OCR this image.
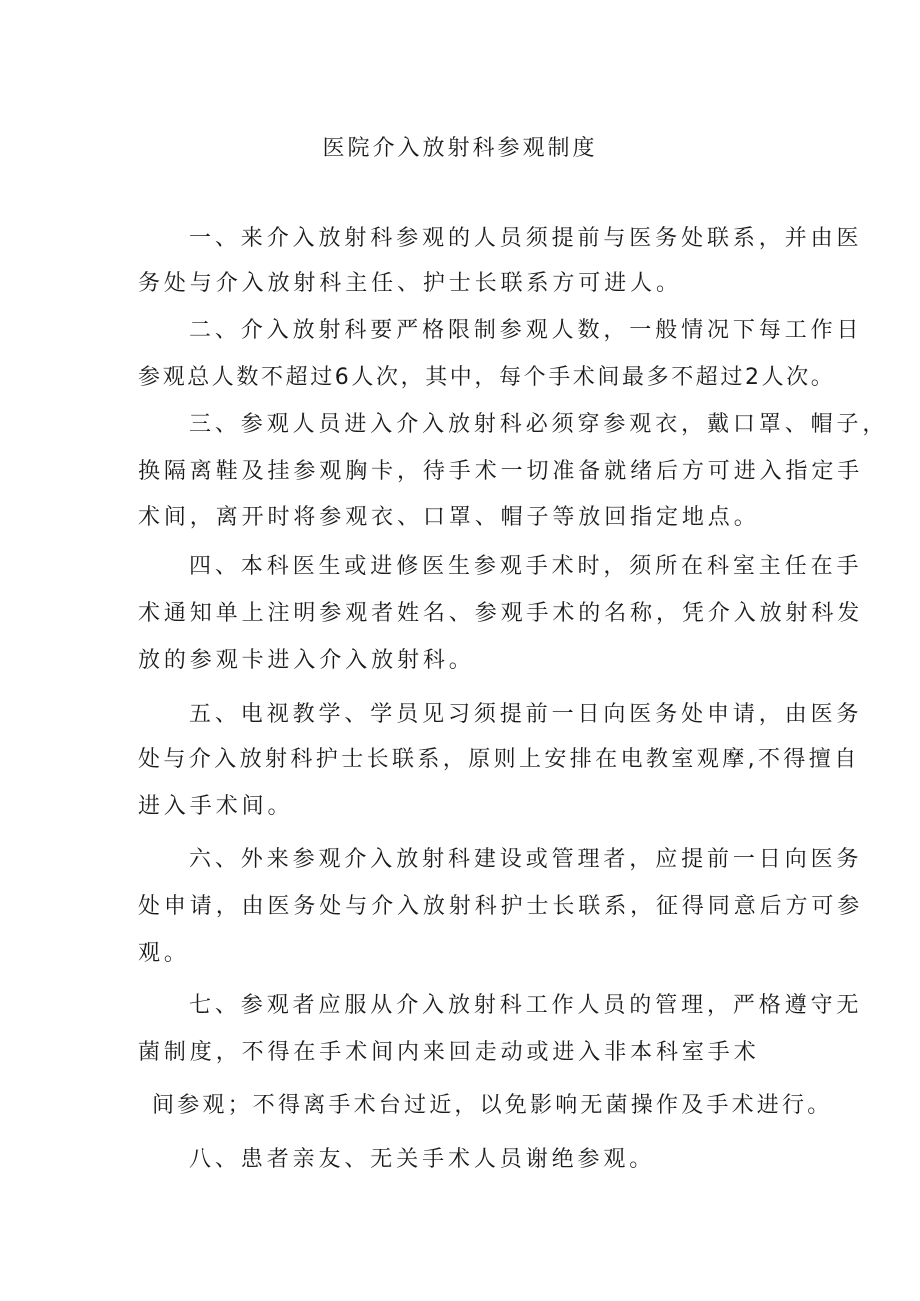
医院介入放射科参观制度
一、来介入放射科参观的人员须提前与医务处联系，并由医
务处与介入放射科主任、护士长联系方可进人。
二、介入放射科要严格限制参观人数，一般情况下每工作日
参观总人数不超过6人次，其中，每个手术间最多不超过2人次。
三、参观人员进入介入放射科必须穿参观衣，戴口罩、帽子，
换隔离鞋及挂参观胸卡，待手术一切准备就绪后方可进入指定手
术间，离开时将参观衣、口罩、帽子等放回指定地点。
四、本科医生或进修医生参观手术时，须所在科室主任在手
术通知单上注明参观者姓名、参观手术的名称，凭介入放射科发
放的参观卡进入介入放射科。
五、电视教学、学员见习须提前一日向医务处申请，由医务
处与介入放射科护士长联系，原则上安排在电教室观摩,不得擅自
进入手术间。
六、外来参观介入放射科建设或管理者，应提前一日向医务
处申请，由医务处与介入放射科护士长联系，征得同意后方可参
观。
七、参观者应服从介入放射科工作人员的管理，严格遵守无
菌制度，不得在手术间内来回走动或进入非本科室手术
间参观；不得离手术台过近，以免影响无菌操作及手术进行。
八、患者亲友、无关手术人员谢绝参观。
